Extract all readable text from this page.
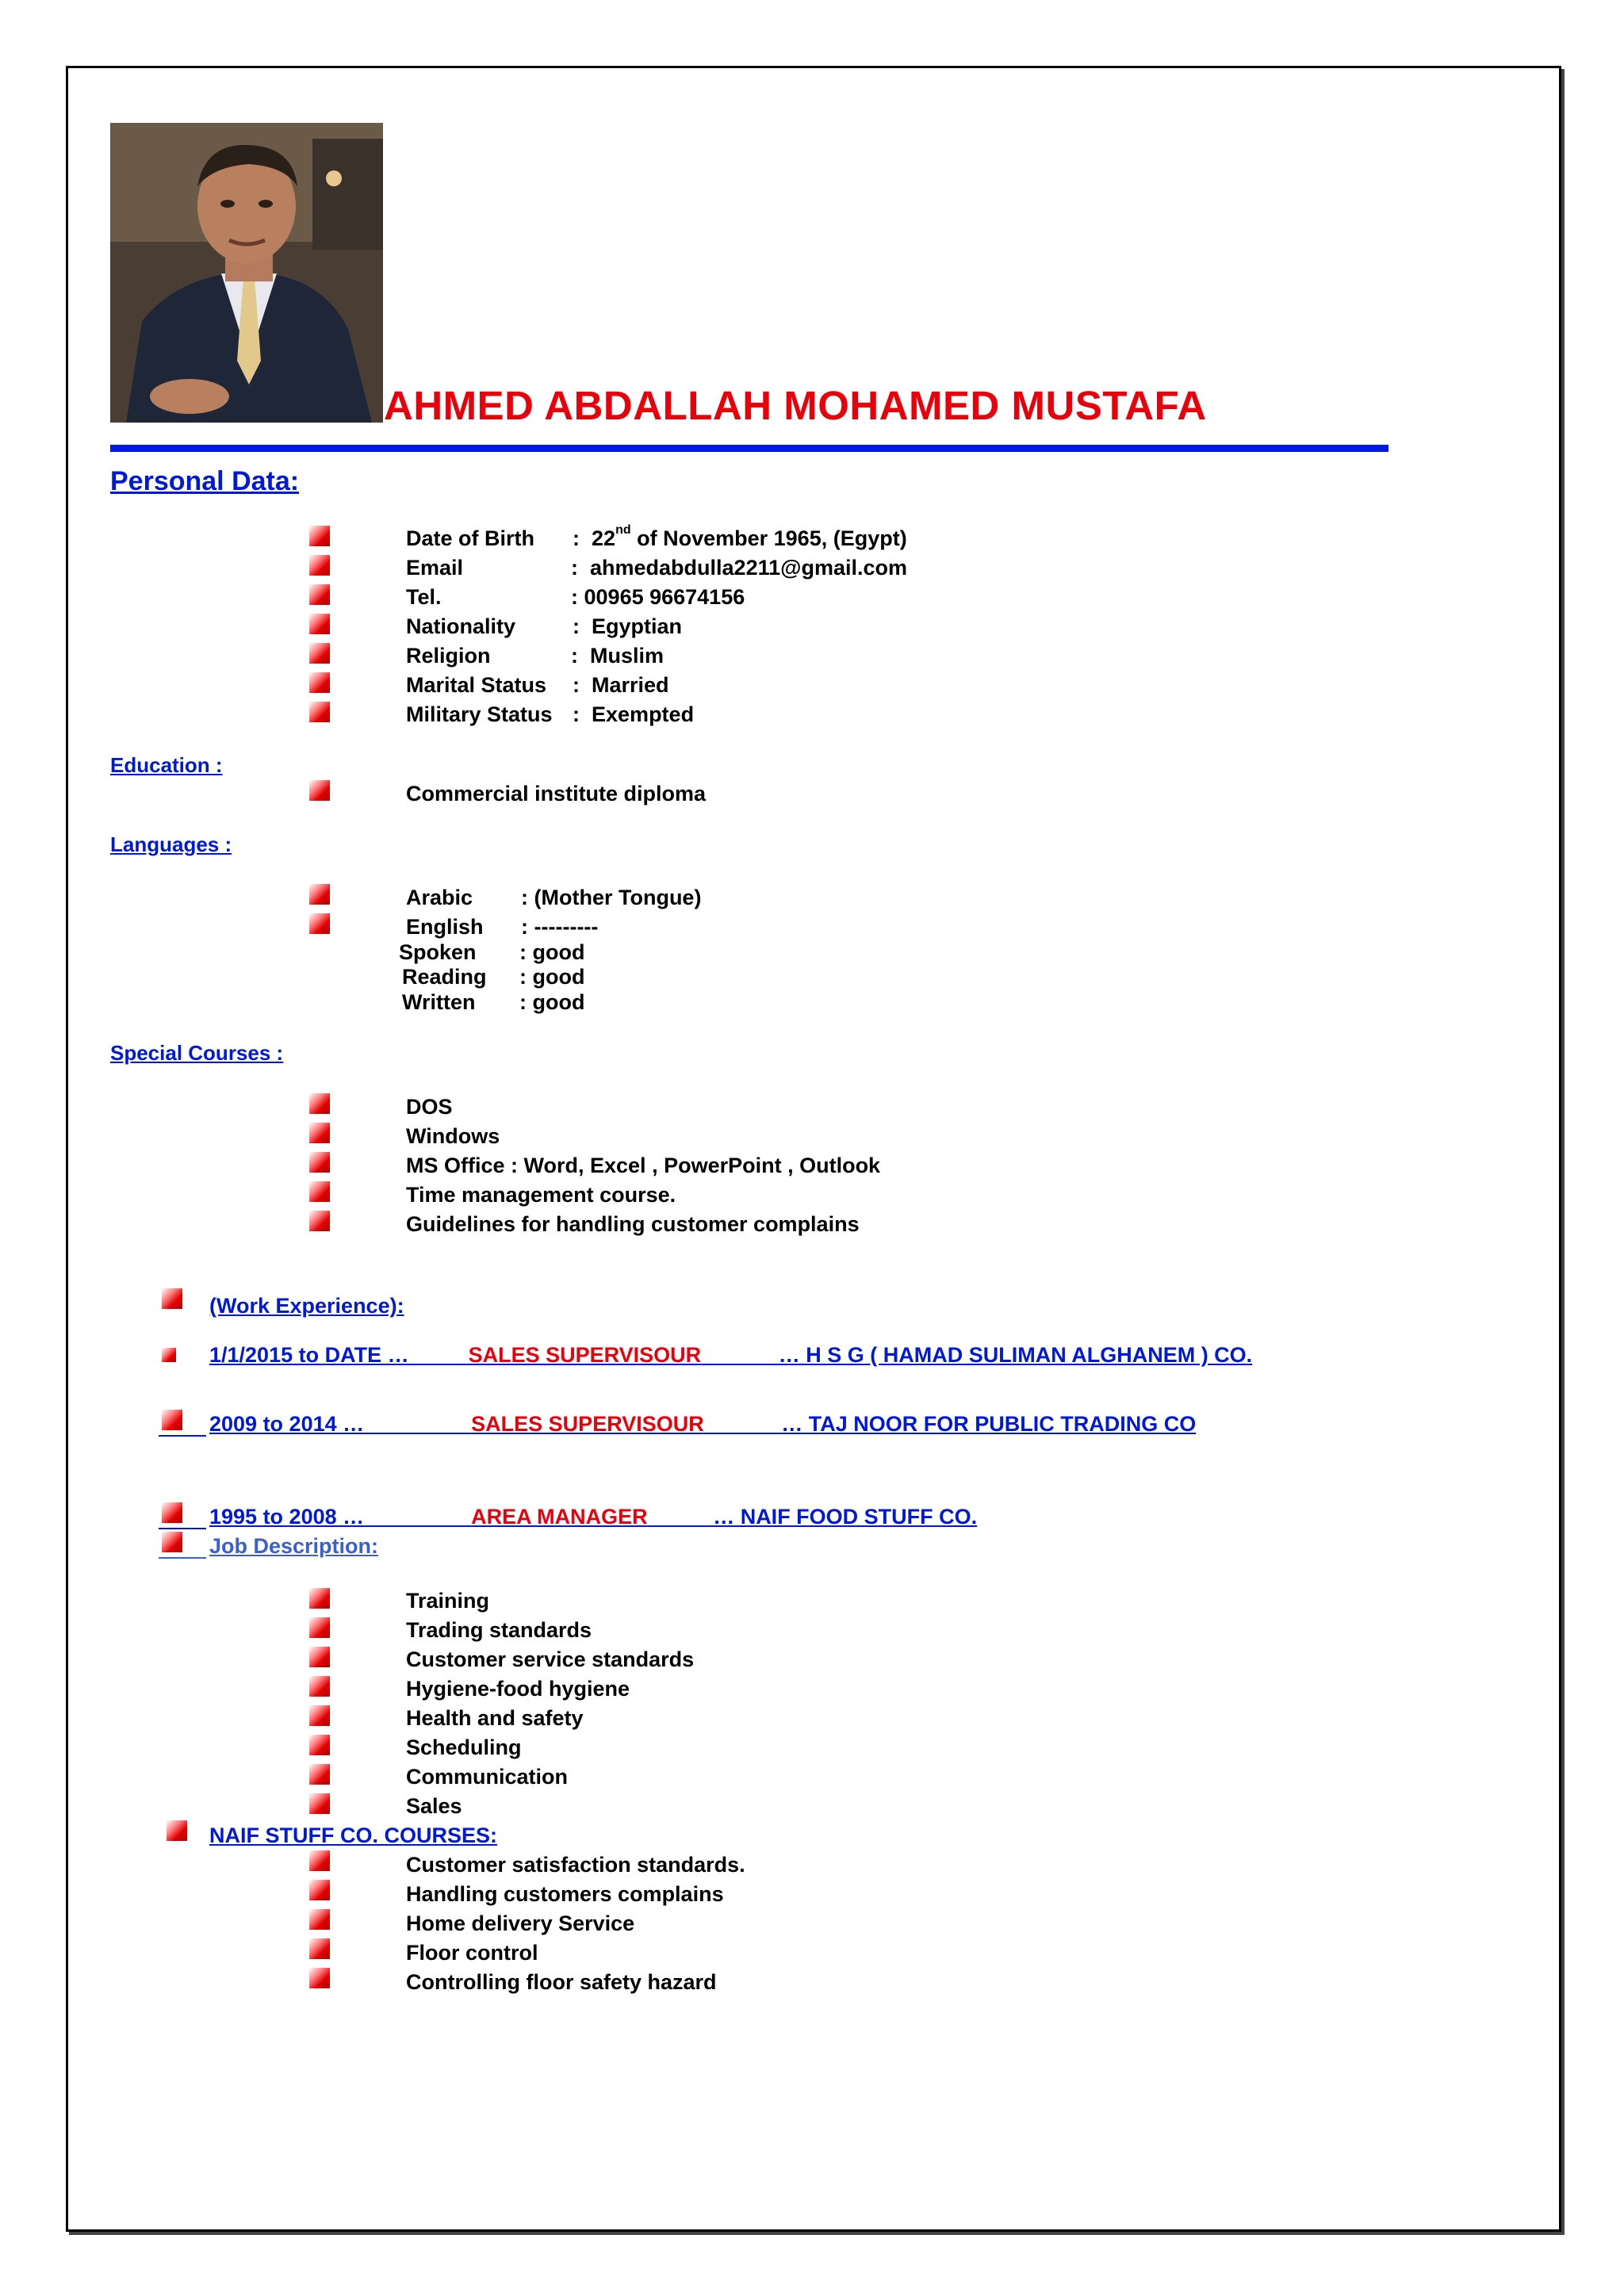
AHMED ABDALLAH MOHAMED MUSTAFA
Personal Data:
Date of Birth : 22nd of November 1965, (Egypt)
Email	: ahmedabdulla2211@gmail.com
Tel.	: 00965 96674156
Nationality	: Egyptian
Religion	: Muslim
Marital Status : Married
Military Status : Exempted
Education :
Commercial institute diploma
Languages :
Arabic : (Mother Tongue)
English : ---------
Spoken : good
Reading : good
Written : good
Special Courses :
DOS
Windows
MS Office : Word, Excel , PowerPoint , Outlook
Time management course.
Guidelines for handling customer complains
(Work Experience):
1/1/2015 to DATE …	SALES SUPERVISOUR	… H S G ( HAMAD SULIMAN ALGHANEM ) CO.
2009 to 2014 …	SALES SUPERVISOUR	… TAJ NOOR FOR PUBLIC TRADING CO
1995 to 2008 …	AREA MANAGER	… NAIF FOOD STUFF CO.
Job Description:
Training
Trading standards
Customer service standards
Hygiene-food hygiene
Health and safety
Scheduling
Communication
Sales
NAIF STUFF CO. COURSES:
Customer satisfaction standards.
Handling customers complains
Home delivery Service
Floor control
Controlling floor safety hazard
